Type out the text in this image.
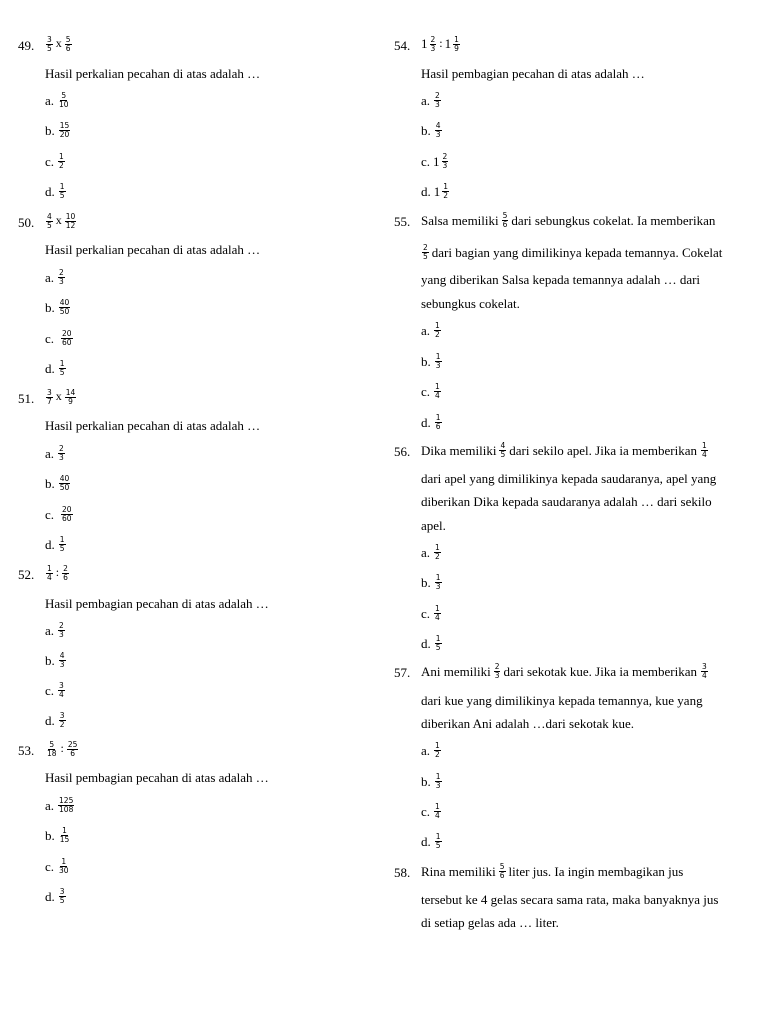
49. $\frac{3}{5}$ x $\frac{5}{6}$
Hasil perkalian pecahan di atas adalah …
a. 5
10
b. 15
20
c. 1
2
d. 1
5
50. $\frac{4}{5}$ x $\frac{10}{12}$
Hasil perkalian pecahan di atas adalah …
a. 2
3
b. 40
50
c. 20
60
d. 1
5
51. $\frac{3}{7}$ x $\frac{14}{9}$
Hasil perkalian pecahan di atas adalah …
a. 2
3
b. 40
50
c. 20
60
d. 1
5
52. $\frac{1}{4}$ : $\frac{2}{6}$
Hasil pembagian pecahan di atas adalah …
a. 2
3
b. 4
3
c. 3
4
d. 3
2
53. $\frac{5}{18}$ : $\frac{25}{6}$
Hasil pembagian pecahan di atas adalah …
a. 125
108
b. 1
15
c. 1
30
d. 3
5
54. 1 2
3 : 1 1
9
Hasil pembagian pecahan di atas adalah …
a. 2
3
b. 4
3
c. 1 2
3
d. 1 1
2
55. Salsa memiliki 5
6 dari sebungkus cokelat. Ia memberikan
2
5 dari bagian yang dimilikinya kepada temannya. Cokelat
yang diberikan Salsa kepada temannya adalah … dari
sebungkus cokelat.
a. 1
2
b. 1
3
c. 1
4
d. 1
6
56. Dika memiliki 4
5 dari sekilo apel. Jika ia memberikan 1
4
dari apel yang dimilikinya kepada saudaranya, apel yang
diberikan Dika kepada saudaranya adalah … dari sekilo
apel.
a. 1
2
b. 1
3
c. 1
4
d. 1
5
57. Ani memiliki 2
3 dari sekotak kue. Jika ia memberikan 3
4
dari kue yang dimilikinya kepada temannya, kue yang
diberikan Ani adalah …dari sekotak kue.
a. 1
2
b. 1
3
c. 1
4
d. 1
5
58. Rina memiliki 5
6 liter jus. Ia ingin membagikan jus
tersebut ke 4 gelas secara sama rata, maka banyaknya jus
di setiap gelas ada … liter.
